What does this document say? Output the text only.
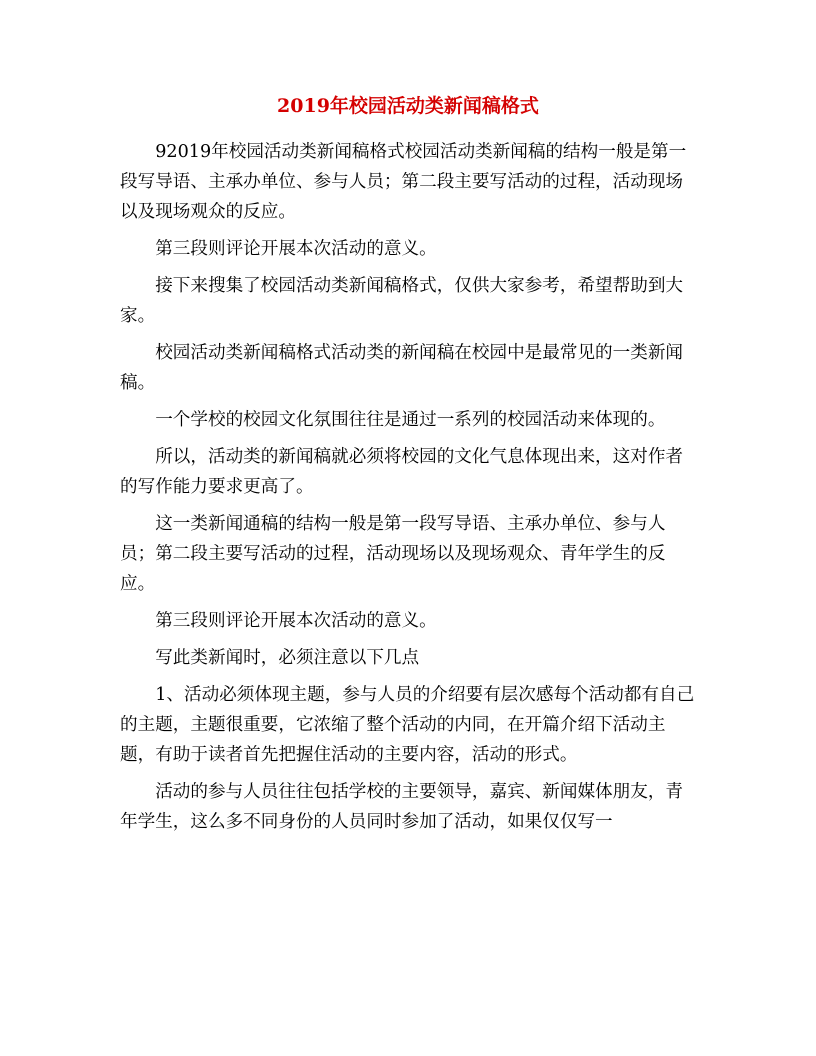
2019年校园活动类新闻稿格式

92019年校园活动类新闻稿格式校园活动类新闻稿的结构一般是第一段写导语、主承办单位、参与人员；第二段主要写活动的过程，活动现场以及现场观众的反应。

第三段则评论开展本次活动的意义。

接下来搜集了校园活动类新闻稿格式，仅供大家参考，希望帮助到大家。

校园活动类新闻稿格式活动类的新闻稿在校园中是最常见的一类新闻稿。

一个学校的校园文化氛围往往是通过一系列的校园活动来体现的。

所以，活动类的新闻稿就必须将校园的文化气息体现出来，这对作者的写作能力要求更高了。

这一类新闻通稿的结构一般是第一段写导语、主承办单位、参与人员；第二段主要写活动的过程，活动现场以及现场观众、青年学生的反应。

第三段则评论开展本次活动的意义。

写此类新闻时，必须注意以下几点

1、活动必须体现主题，参与人员的介绍要有层次感每个活动都有自己的主题，主题很重要，它浓缩了整个活动的内同，在开篇介绍下活动主题，有助于读者首先把握住活动的主要内容，活动的形式。

活动的参与人员往往包括学校的主要领导，嘉宾、新闻媒体朋友，青年学生，这么多不同身份的人员同时参加了活动，如果仅仅写一
